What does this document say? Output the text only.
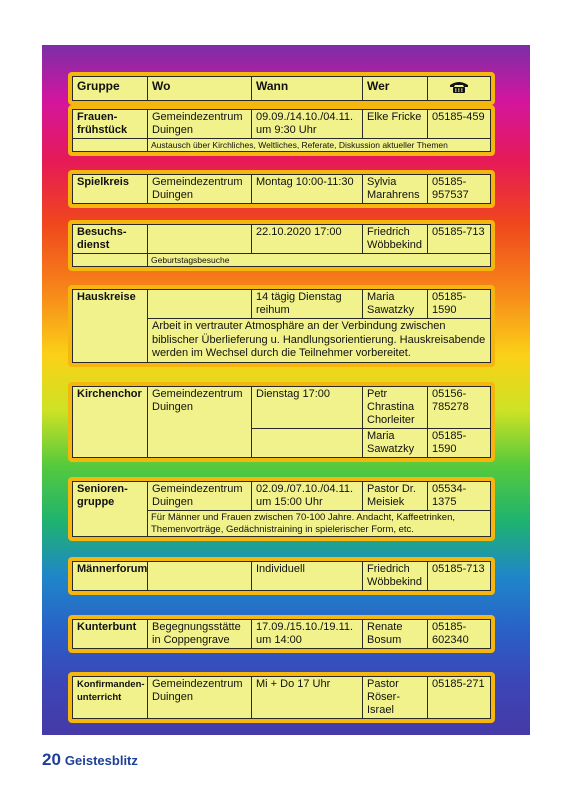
Gruppe	Wo	Wann	Wer	
Frauen-
frühstück	Gemeindezentrum Duingen	09.09./14.10./04.11. um 9:30 Uhr	Elke Fricke	05185-459
	Austausch über Kirchliches, Weltliches, Referate, Diskussion aktueller Themen			
Spielkreis	Gemeindezentrum Duingen	Montag 10:00-11:30	Sylvia Marahrens	05185-957537
Besuchs-
dienst		22.10.2020 17:00	Friedrich Wöbbekind	05185-713
	Geburtstagsbesuche			
Hauskreise		14 tägig Dienstag reihum	Maria Sawatzky	05185-1590
Arbeit in vertrauter Atmosphäre an der Verbindung zwischen biblischer Überlieferung u. Handlungsorientierung. Hauskreisabende werden im Wechsel durch die Teilnehmer vorbereitet.
Kirchenchor	Gemeindezentrum Duingen	Dienstag 17:00	Petr Chrastina Chorleiter	05156-785278
			Maria Sawatzky	05185-1590
Senioren-
gruppe	Gemeindezentrum Duingen	02.09./07.10./04.11. um 15:00 Uhr	Pastor Dr. Meisiek	05534-1375
Für Männer und Frauen zwischen 70-100 Jahre. Andacht, Kaffeetrinken, Themenvorträge, Gedächnistraining in spielerischer Form, etc.
Männerforum		Individuell	Friedrich Wöbbekind	05185-713
Kunterbunt	Begegnungsstätte in Coppengrave	17.09./15.10./19.11. um 14:00	Renate Bosum	05185-602340
Konfirmanden-
unterricht	Gemeindezentrum Duingen	Mi + Do 17 Uhr	Pastor Röser-Israel	05185-271
20 Geistesblitz
